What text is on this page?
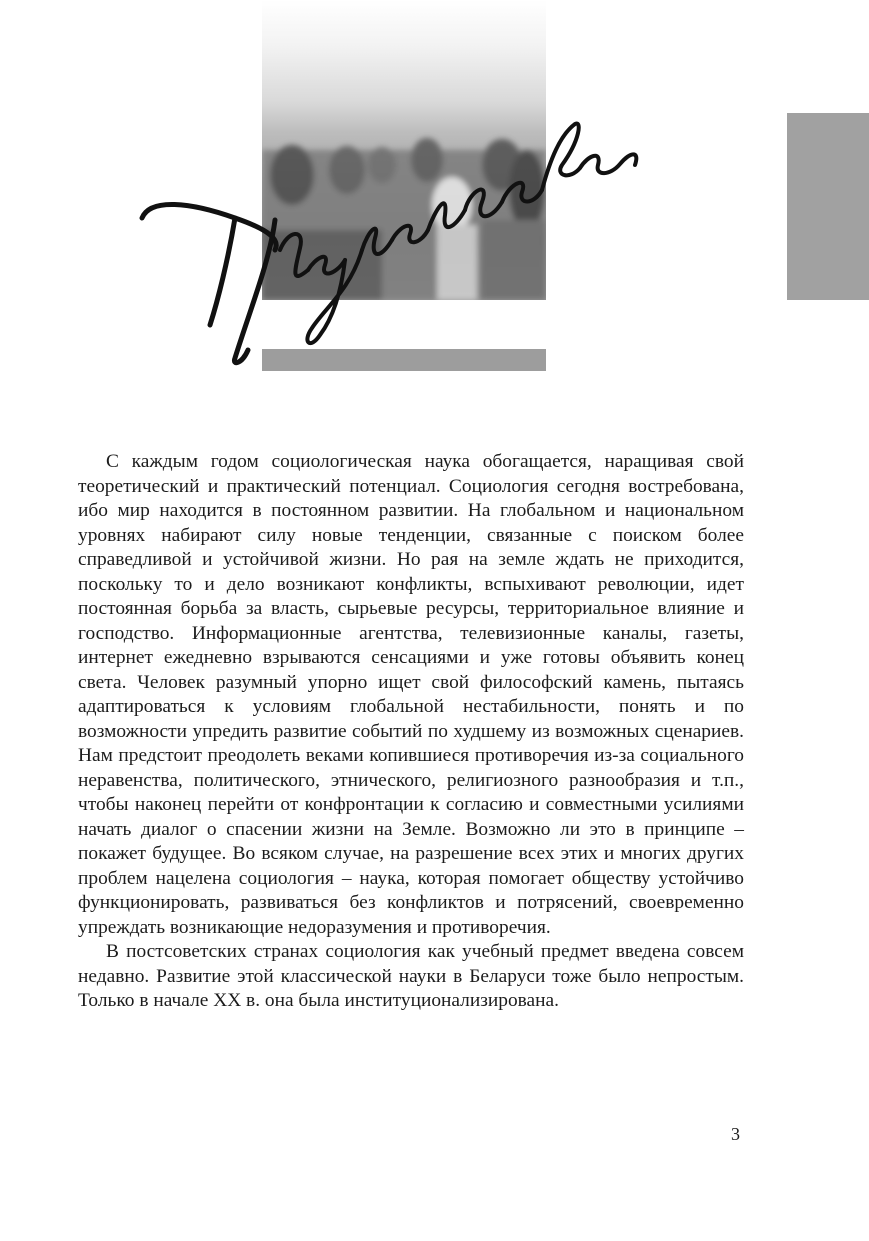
С каждым годом социологическая наука обогащается, наращивая свой теоретический и практический потенциал. Социология сегодня востребована, ибо мир находится в постоянном развитии. На глобальном и национальном уровнях набирают силу новые тенденции, связанные с поиском более справедливой и устойчивой жизни. Но рая на земле ждать не приходится, поскольку то и дело возникают конфликты, вспыхивают революции, идет постоянная борьба за власть, сырьевые ресурсы, территориальное влияние и господство. Информационные агентства, телевизионные каналы, газеты, интернет ежедневно взрываются сенсациями и уже готовы объявить конец света. Человек разумный упорно ищет свой философский камень, пытаясь адаптироваться к условиям глобальной нестабильности, понять и по возможности упредить развитие событий по худшему из возможных сценариев. Нам предстоит преодолеть веками копившиеся противоречия из-за социального неравенства, политического, этнического, религиозного разнообразия и т.п., чтобы наконец перейти от конфронтации к согласию и совместными усилиями начать диалог о спасении жизни на Земле. Возможно ли это в принципе – покажет будущее. Во всяком случае, на разрешение всех этих и многих других проблем нацелена социология – наука, которая помогает обществу устойчиво функционировать, развиваться без конфликтов и потрясений, своевременно упреждать возникающие недоразумения и противоречия.

В постсоветских странах социология как учебный предмет введена совсем недавно. Развитие этой классической науки в Беларуси тоже было непростым. Только в начале XX в. она была институционализирована.

3
